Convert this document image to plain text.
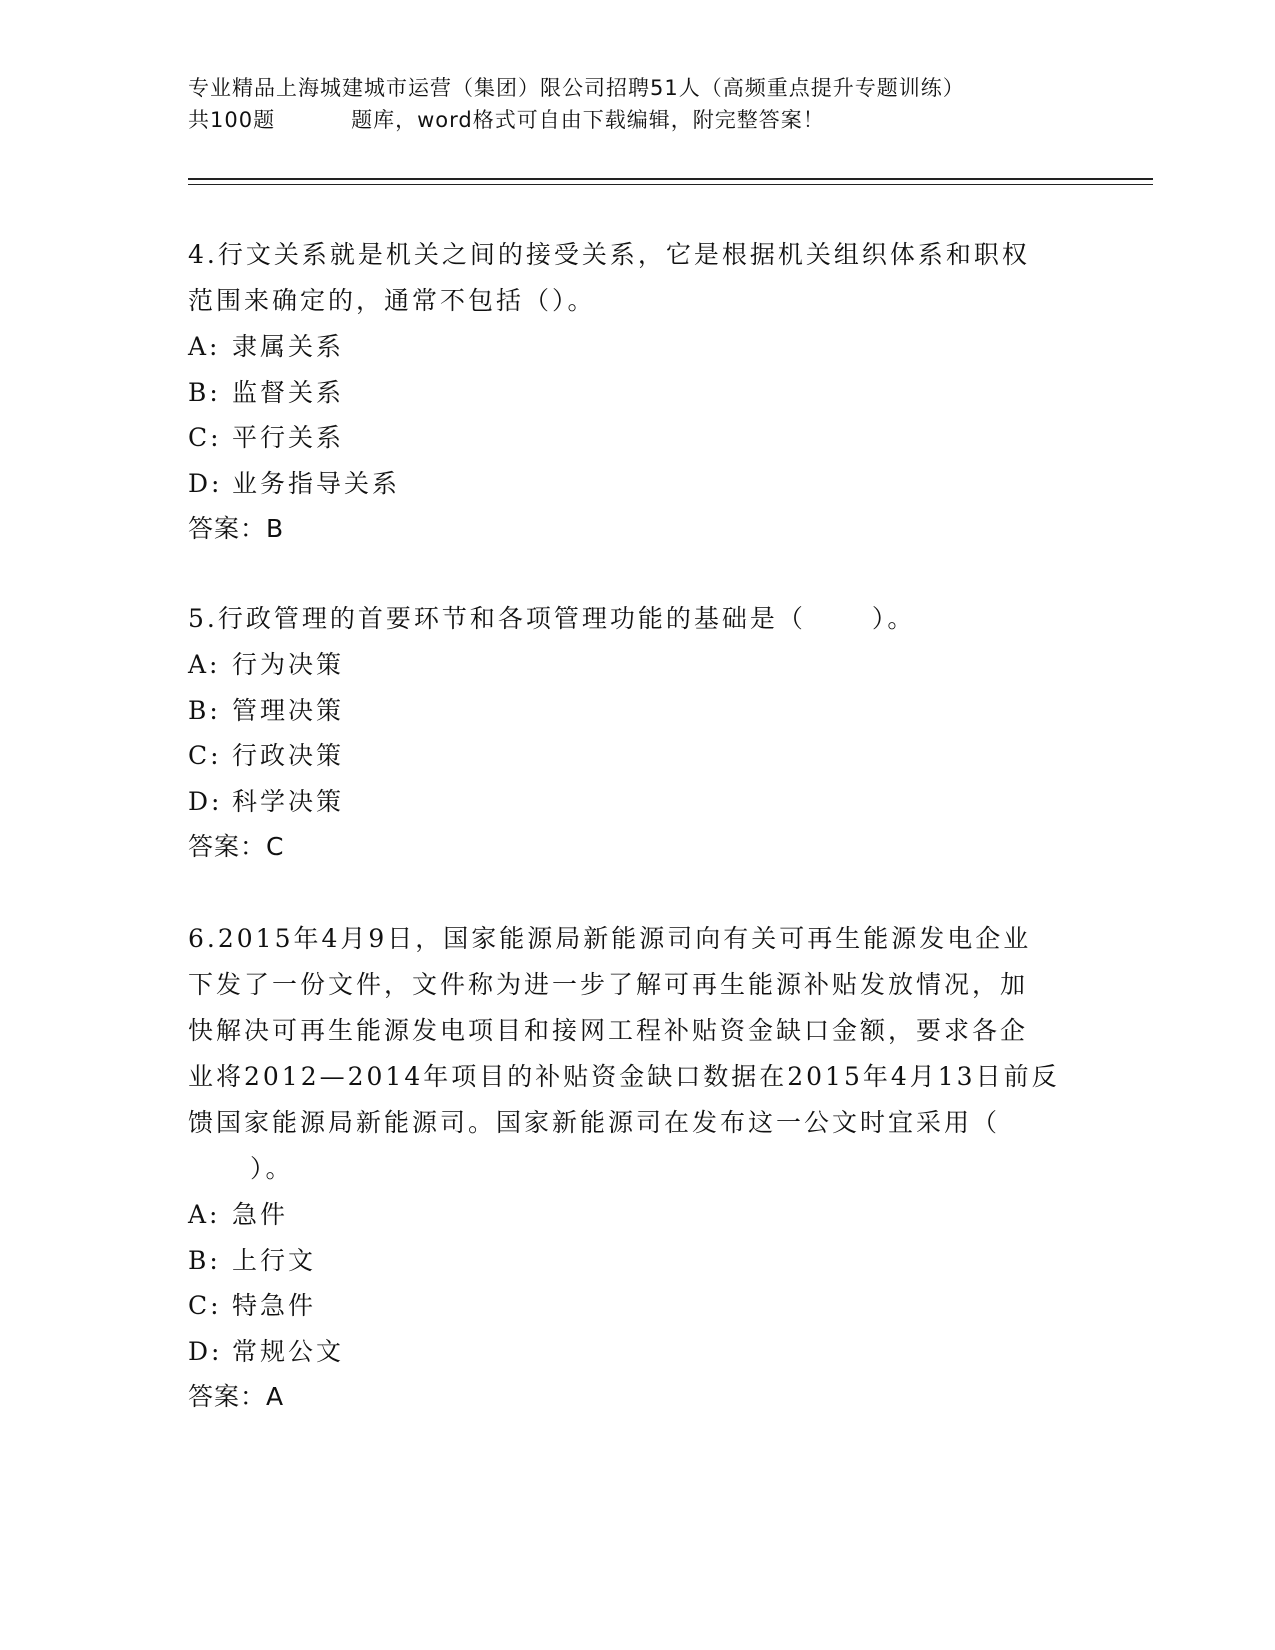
专业精品上海城建城市运营（集团）限公司招聘51人（高频重点提升专题训练）
共100题	题库，word格式可自由下载编辑，附完整答案！

4.行文关系就是机关之间的接受关系，它是根据机关组织体系和职权

范围来确定的，通常不包括（）。

A: 隶属关系

B: 监督关系

C: 平行关系

D: 业务指导关系

答案：B

5.行政管理的首要环节和各项管理功能的基础是（	）。

A: 行为决策

B: 管理决策

C: 行政决策

D: 科学决策

答案：C

6.2015年4月9日，国家能源局新能源司向有关可再生能源发电企业

下发了一份文件，文件称为进一步了解可再生能源补贴发放情况，加

快解决可再生能源发电项目和接网工程补贴资金缺口金额，要求各企

业将2012—2014年项目的补贴资金缺口数据在2015年4月13日前反

馈国家能源局新能源司。国家新能源司在发布这一公文时宜采用（

）。

A: 急件

B: 上行文

C: 特急件

D: 常规公文

答案：A
